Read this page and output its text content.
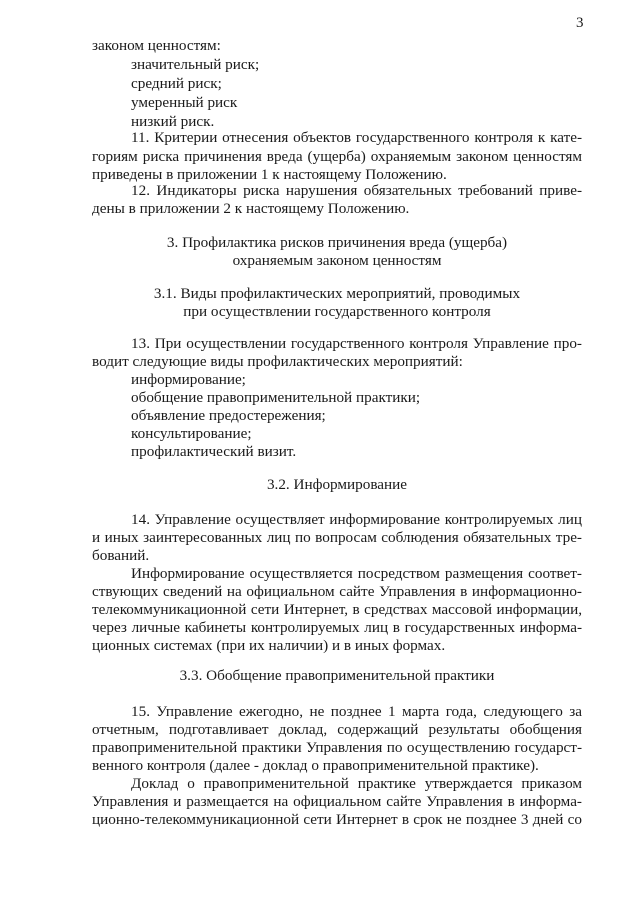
3
законом ценностям:
значительный риск;
средний риск;
умеренный риск
низкий риск.
11. Критерии отнесения объектов государственного контроля к кате-
гориям риска причинения вреда (ущерба) охраняемым законом ценностям
приведены в приложении 1 к настоящему Положению.
12. Индикаторы риска нарушения обязательных требований приве-
дены в приложении 2 к настоящему Положению.
3. Профилактика рисков причинения вреда (ущерба)
охраняемым законом ценностям
3.1. Виды профилактических мероприятий, проводимых
при осуществлении государственного контроля
13. При осуществлении государственного контроля Управление про-
водит следующие виды профилактических мероприятий:
информирование;
обобщение правоприменительной практики;
объявление предостережения;
консультирование;
профилактический визит.
3.2. Информирование
14. Управление осуществляет информирование контролируемых лиц
и иных заинтересованных лиц по вопросам соблюдения обязательных тре-
бований.
Информирование осуществляется посредством размещения соответ-
ствующих сведений на официальном сайте Управления в информационно-
телекоммуникационной сети Интернет, в средствах массовой информации,
через личные кабинеты контролируемых лиц в государственных информа-
ционных системах (при их наличии) и в иных формах.
3.3. Обобщение правоприменительной практики
15. Управление ежегодно, не позднее 1 марта года, следующего за
отчетным, подготавливает доклад, содержащий результаты обобщения
правоприменительной практики Управления по осуществлению государст-
венного контроля (далее - доклад о правоприменительной практике).
Доклад о правоприменительной практике утверждается приказом
Управления и размещается на официальном сайте Управления в информа-
ционно-телекоммуникационной сети Интернет в срок не позднее 3 дней со
